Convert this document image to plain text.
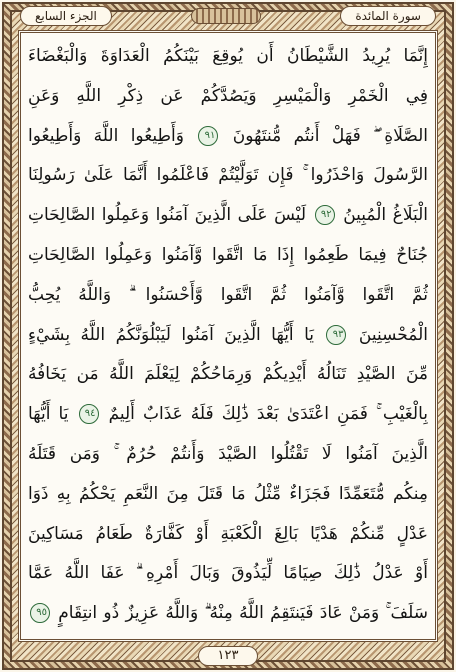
الجزء السابع	سورة المائدة
إِنَّمَا يُرِيدُ الشَّيْطَانُ أَن يُوقِعَ بَيْنَكُمُ الْعَدَاوَةَ وَالْبَغْضَاءَ
فِي الْخَمْرِ وَالْمَيْسِرِ وَيَصُدَّكُمْ عَن ذِكْرِ اللَّهِ وَعَنِ
الصَّلَاةِ ۖ فَهَلْ أَنتُم مُّنتَهُونَ ٩١ وَأَطِيعُوا اللَّهَ وَأَطِيعُوا
الرَّسُولَ وَاحْذَرُوا ۚ فَإِن تَوَلَّيْتُمْ فَاعْلَمُوا أَنَّمَا عَلَىٰ رَسُولِنَا
الْبَلَاغُ الْمُبِينُ ٩٢ لَيْسَ عَلَى الَّذِينَ آمَنُوا وَعَمِلُوا الصَّالِحَاتِ
جُنَاحٌ فِيمَا طَعِمُوا إِذَا مَا اتَّقَوا وَّآمَنُوا وَعَمِلُوا الصَّالِحَاتِ
ثُمَّ اتَّقَوا وَّآمَنُوا ثُمَّ اتَّقَوا وَّأَحْسَنُوا ۗ وَاللَّهُ يُحِبُّ
الْمُحْسِنِينَ ٩٣ يَا أَيُّهَا الَّذِينَ آمَنُوا لَيَبْلُوَنَّكُمُ اللَّهُ بِشَيْءٍ
مِّنَ الصَّيْدِ تَنَالُهُ أَيْدِيكُمْ وَرِمَاحُكُمْ لِيَعْلَمَ اللَّهُ مَن يَخَافُهُ
بِالْغَيْبِ ۚ فَمَنِ اعْتَدَىٰ بَعْدَ ذَٰلِكَ فَلَهُ عَذَابٌ أَلِيمٌ ٩٤ يَا أَيُّهَا
الَّذِينَ آمَنُوا لَا تَقْتُلُوا الصَّيْدَ وَأَنتُمْ حُرُمٌ ۚ وَمَن قَتَلَهُ
مِنكُم مُّتَعَمِّدًا فَجَزَاءٌ مِّثْلُ مَا قَتَلَ مِنَ النَّعَمِ يَحْكُمُ بِهِ ذَوَا
عَدْلٍ مِّنكُمْ هَدْيًا بَالِغَ الْكَعْبَةِ أَوْ كَفَّارَةٌ طَعَامُ مَسَاكِينَ
أَوْ عَدْلُ ذَٰلِكَ صِيَامًا لِّيَذُوقَ وَبَالَ أَمْرِهِ ۗ عَفَا اللَّهُ عَمَّا
سَلَفَ ۚ وَمَنْ عَادَ فَيَنتَقِمُ اللَّهُ مِنْهُ ۗ وَاللَّهُ عَزِيزٌ ذُو انتِقَامٍ ٩٥
١٢٣
